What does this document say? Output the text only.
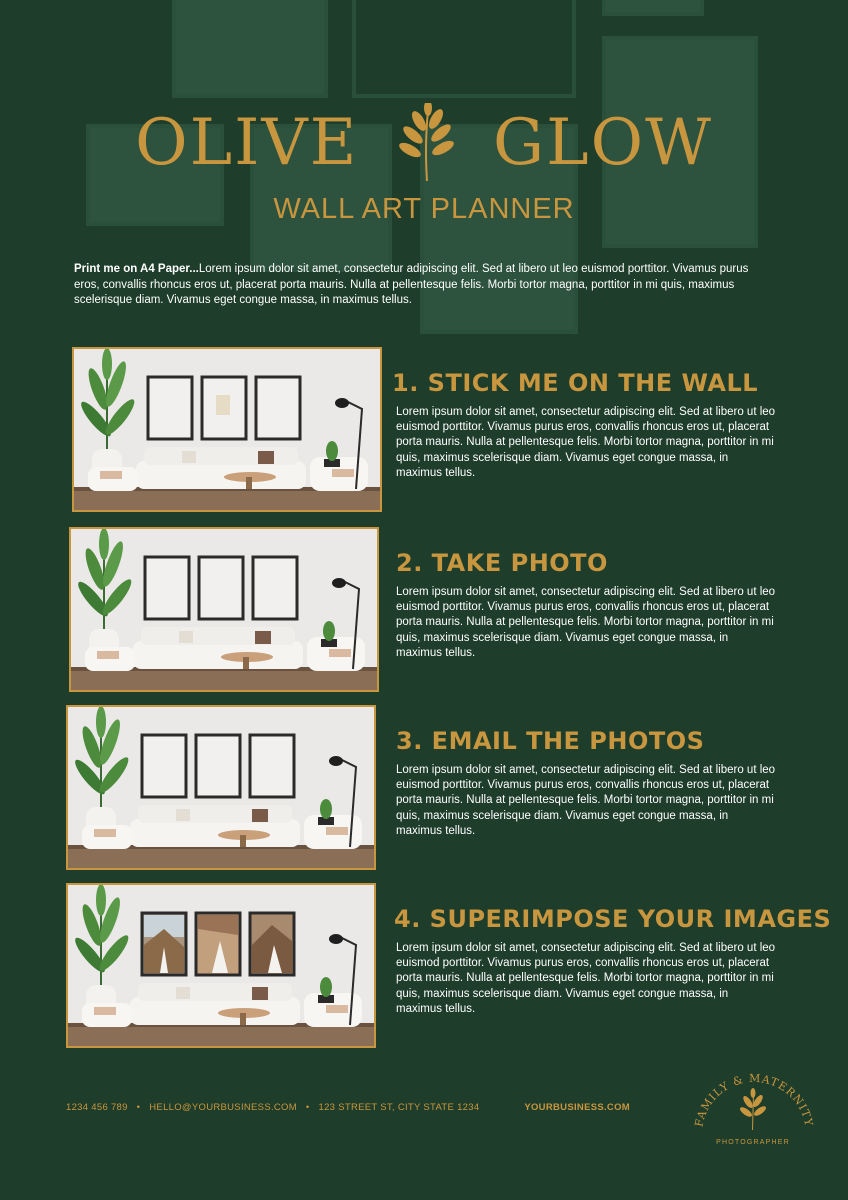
OLIVE GLOW
WALL ART PLANNER
Print me on A4 Paper...Lorem ipsum dolor sit amet, consectetur adipiscing elit. Sed at libero ut leo euismod porttitor. Vivamus purus eros, convallis rhoncus eros ut, placerat porta mauris. Nulla at pellentesque felis. Morbi tortor magna, porttitor in mi quis, maximus scelerisque diam. Vivamus eget congue massa, in maximus tellus.
1. STICK ME ON THE WALL
Lorem ipsum dolor sit amet, consectetur adipiscing elit. Sed at libero ut leo euismod porttitor. Vivamus purus eros, convallis rhoncus eros ut, placerat porta mauris. Nulla at pellentesque felis. Morbi tortor magna, porttitor in mi quis, maximus scelerisque diam. Vivamus eget congue massa, in maximus tellus.
2. TAKE PHOTO
Lorem ipsum dolor sit amet, consectetur adipiscing elit. Sed at libero ut leo euismod porttitor. Vivamus purus eros, convallis rhoncus eros ut, placerat porta mauris. Nulla at pellentesque felis. Morbi tortor magna, porttitor in mi quis, maximus scelerisque diam. Vivamus eget congue massa, in maximus tellus.
3. EMAIL THE PHOTOS
Lorem ipsum dolor sit amet, consectetur adipiscing elit. Sed at libero ut leo euismod porttitor. Vivamus purus eros, convallis rhoncus eros ut, placerat porta mauris. Nulla at pellentesque felis. Morbi tortor magna, porttitor in mi quis, maximus scelerisque diam. Vivamus eget congue massa, in maximus tellus.
4. SUPERIMPOSE YOUR IMAGES
Lorem ipsum dolor sit amet, consectetur adipiscing elit. Sed at libero ut leo euismod porttitor. Vivamus purus eros, convallis rhoncus eros ut, placerat porta mauris. Nulla at pellentesque felis. Morbi tortor magna, porttitor in mi quis, maximus scelerisque diam. Vivamus eget congue massa, in maximus tellus.
1234 456 789 • HELLO@YOURBUSINESS.COM • 123 STREET ST, CITY STATE 1234	YOURBUSINESS.COM
FAMILY & MATERNITY
PHOTOGRAPHER
